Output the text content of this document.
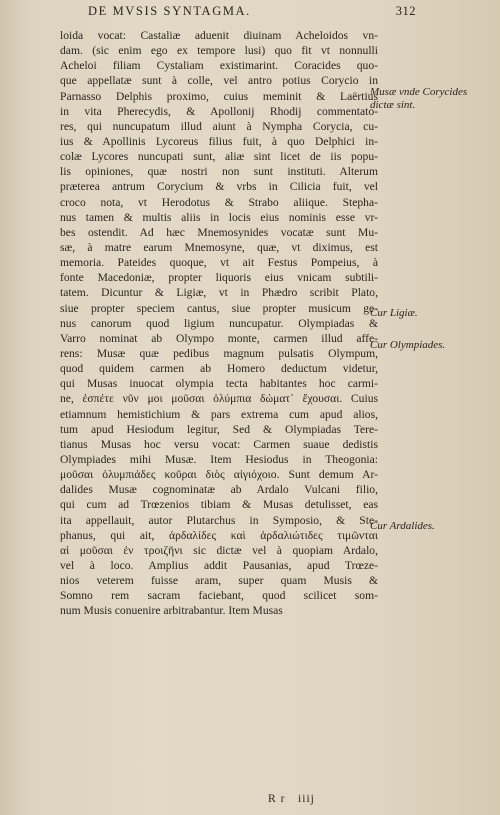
DE MVSIS SYNTAGMA.	312
loida vocat: Castaliæ aduenit diuinam Acheloidos vn-
dam. (sic enim ego ex tempore lusi) quo fit vt nonnulli
Acheloi filiam Cystaliam existimarint. Coracides quo-
que appellatæ sunt à colle, vel antro potius Corycio in
Parnasso Delphis proximo, cuius meminit & Laërtius
in vita Pherecydis, & Apollonij Rhodij commentato-
res, qui nuncupatum illud aiunt à Nympha Corycia, cu-
ius & Apollinis Lycoreus filius fuit, à quo Delphici in-
colæ Lycores nuncupati sunt, aliæ sint licet de iis popu-
lis opiniones, quæ nostri non sunt instituti. Alterum
præterea antrum Corycium & vrbs in Cilicia fuit, vel
croco nota, vt Herodotus & Strabo aliique. Stepha-
nus tamen & multis aliis in locis eius nominis esse vr-
bes ostendit. Ad hæc Mnemosynides vocatæ sunt Mu-
sæ, à matre earum Mnemosyne, quæ, vt diximus, est
memoria. Pateides quoque, vt ait Festus Pompeius, à
fonte Macedoniæ, propter liquoris eius vnicam subtili-
tatem. Dicuntur & Ligiæ, vt in Phædro scribit Plato,
siue propter speciem cantus, siue propter musicum ge-
nus canorum quod ligium nuncupatur. Olympiadas &
Varro nominat ab Olympo monte, carmen illud affe-
rens: Musæ quæ pedibus magnum pulsatis Olympum,
quod quidem carmen ab Homero deductum videtur,
qui Musas inuocat olympia tecta habitantes hoc carmi-
ne, ἐσπέτε νῦν μοι μοῦσαι ὀλύμπια δώματ᾽ ἔχουσαι. Cuius
etiamnum hemistichium & pars extrema cum apud alios,
tum apud Hesiodum legitur, Sed & Olympiadas Tere-
tianus Musas hoc versu vocat: Carmen suaue dedistis
Olympiades mihi Musæ. Item Hesiodus in Theogonia:
μοῦσαι ὀλυμπιάδες κοῦραι διὸς αἰγιόχοιο. Sunt demum Ar-
dalides Musæ cognominatæ ab Ardalo Vulcani filio,
qui cum ad Trœzenios tibiam & Musas detulisset, eas
ita appellauit, autor Plutarchus in Symposio, & Ste-
phanus, qui ait, ἀρδαλίδες καὶ ἀρδαλιώτιδες τιμῶνται
αἱ μοῦσαι ἐν τροιζῆνι sic dictæ vel à quopiam Ardalo,
vel à loco. Amplius addit Pausanias, apud Trœze-
nios veterem fuisse aram, super quam Musis &
Somno rem sacram faciebant, quod scilicet som-
num Musis conuenire arbitrabantur. Item Musas
Musæ vnde Corycides dictæ sint.
Cur Ligiæ.
Cur Olympiades.
Cur Ardalides.
R r iiij
